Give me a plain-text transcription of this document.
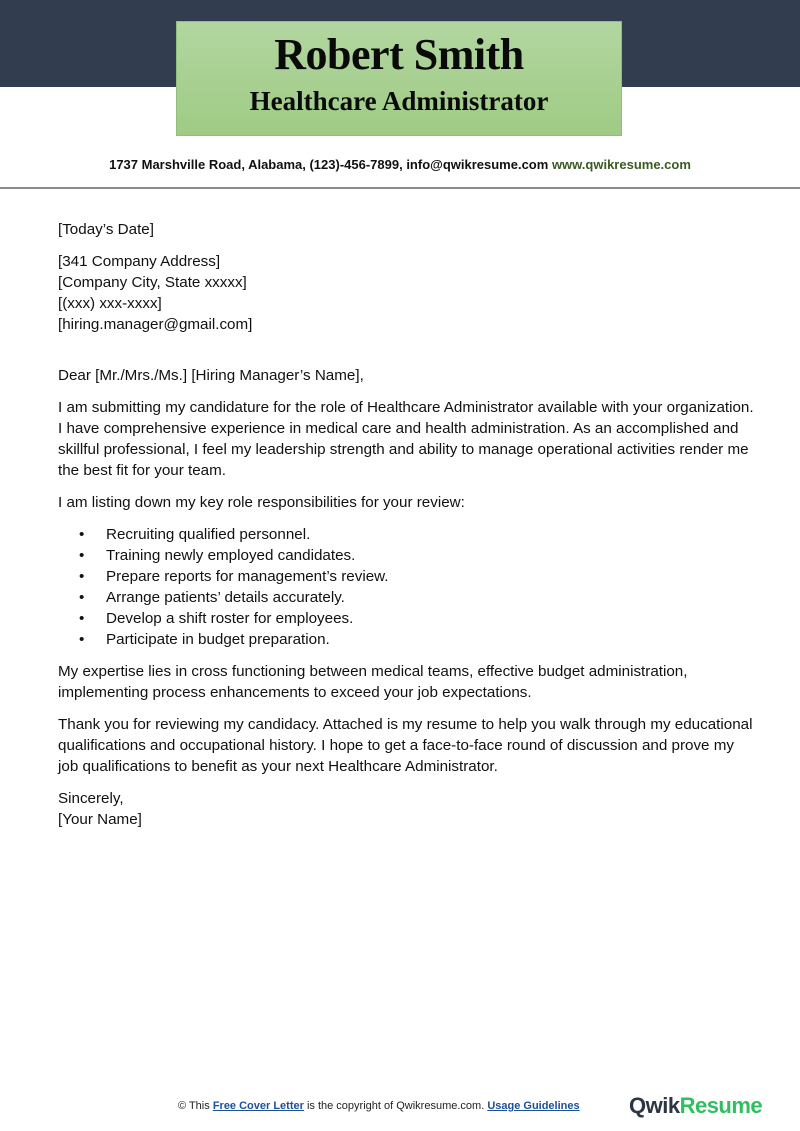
Robert Smith
Healthcare Administrator
1737 Marshville Road, Alabama, (123)-456-7899, info@qwikresume.com www.qwikresume.com

[Today’s Date]

[341 Company Address]
[Company City, State xxxxx]
[(xxx) xxx-xxxx]
[hiring.manager@gmail.com]

Dear [Mr./Mrs./Ms.] [Hiring Manager’s Name],

I am submitting my candidature for the role of Healthcare Administrator available with your organization. I have comprehensive experience in medical care and health administration. As an accomplished and skillful professional, I feel my leadership strength and ability to manage operational activities render me the best fit for your team.

I am listing down my key role responsibilities for your review:

• Recruiting qualified personnel.
• Training newly employed candidates.
• Prepare reports for management’s review.
• Arrange patients’ details accurately.
• Develop a shift roster for employees.
• Participate in budget preparation.

My expertise lies in cross functioning between medical teams, effective budget administration, implementing process enhancements to exceed your job expectations.

Thank you for reviewing my candidacy. Attached is my resume to help you walk through my educational qualifications and occupational history. I hope to get a face-to-face round of discussion and prove my job qualifications to benefit as your next Healthcare Administrator.

Sincerely,
[Your Name]
© This Free Cover Letter is the copyright of Qwikresume.com. Usage Guidelines QwikResume
